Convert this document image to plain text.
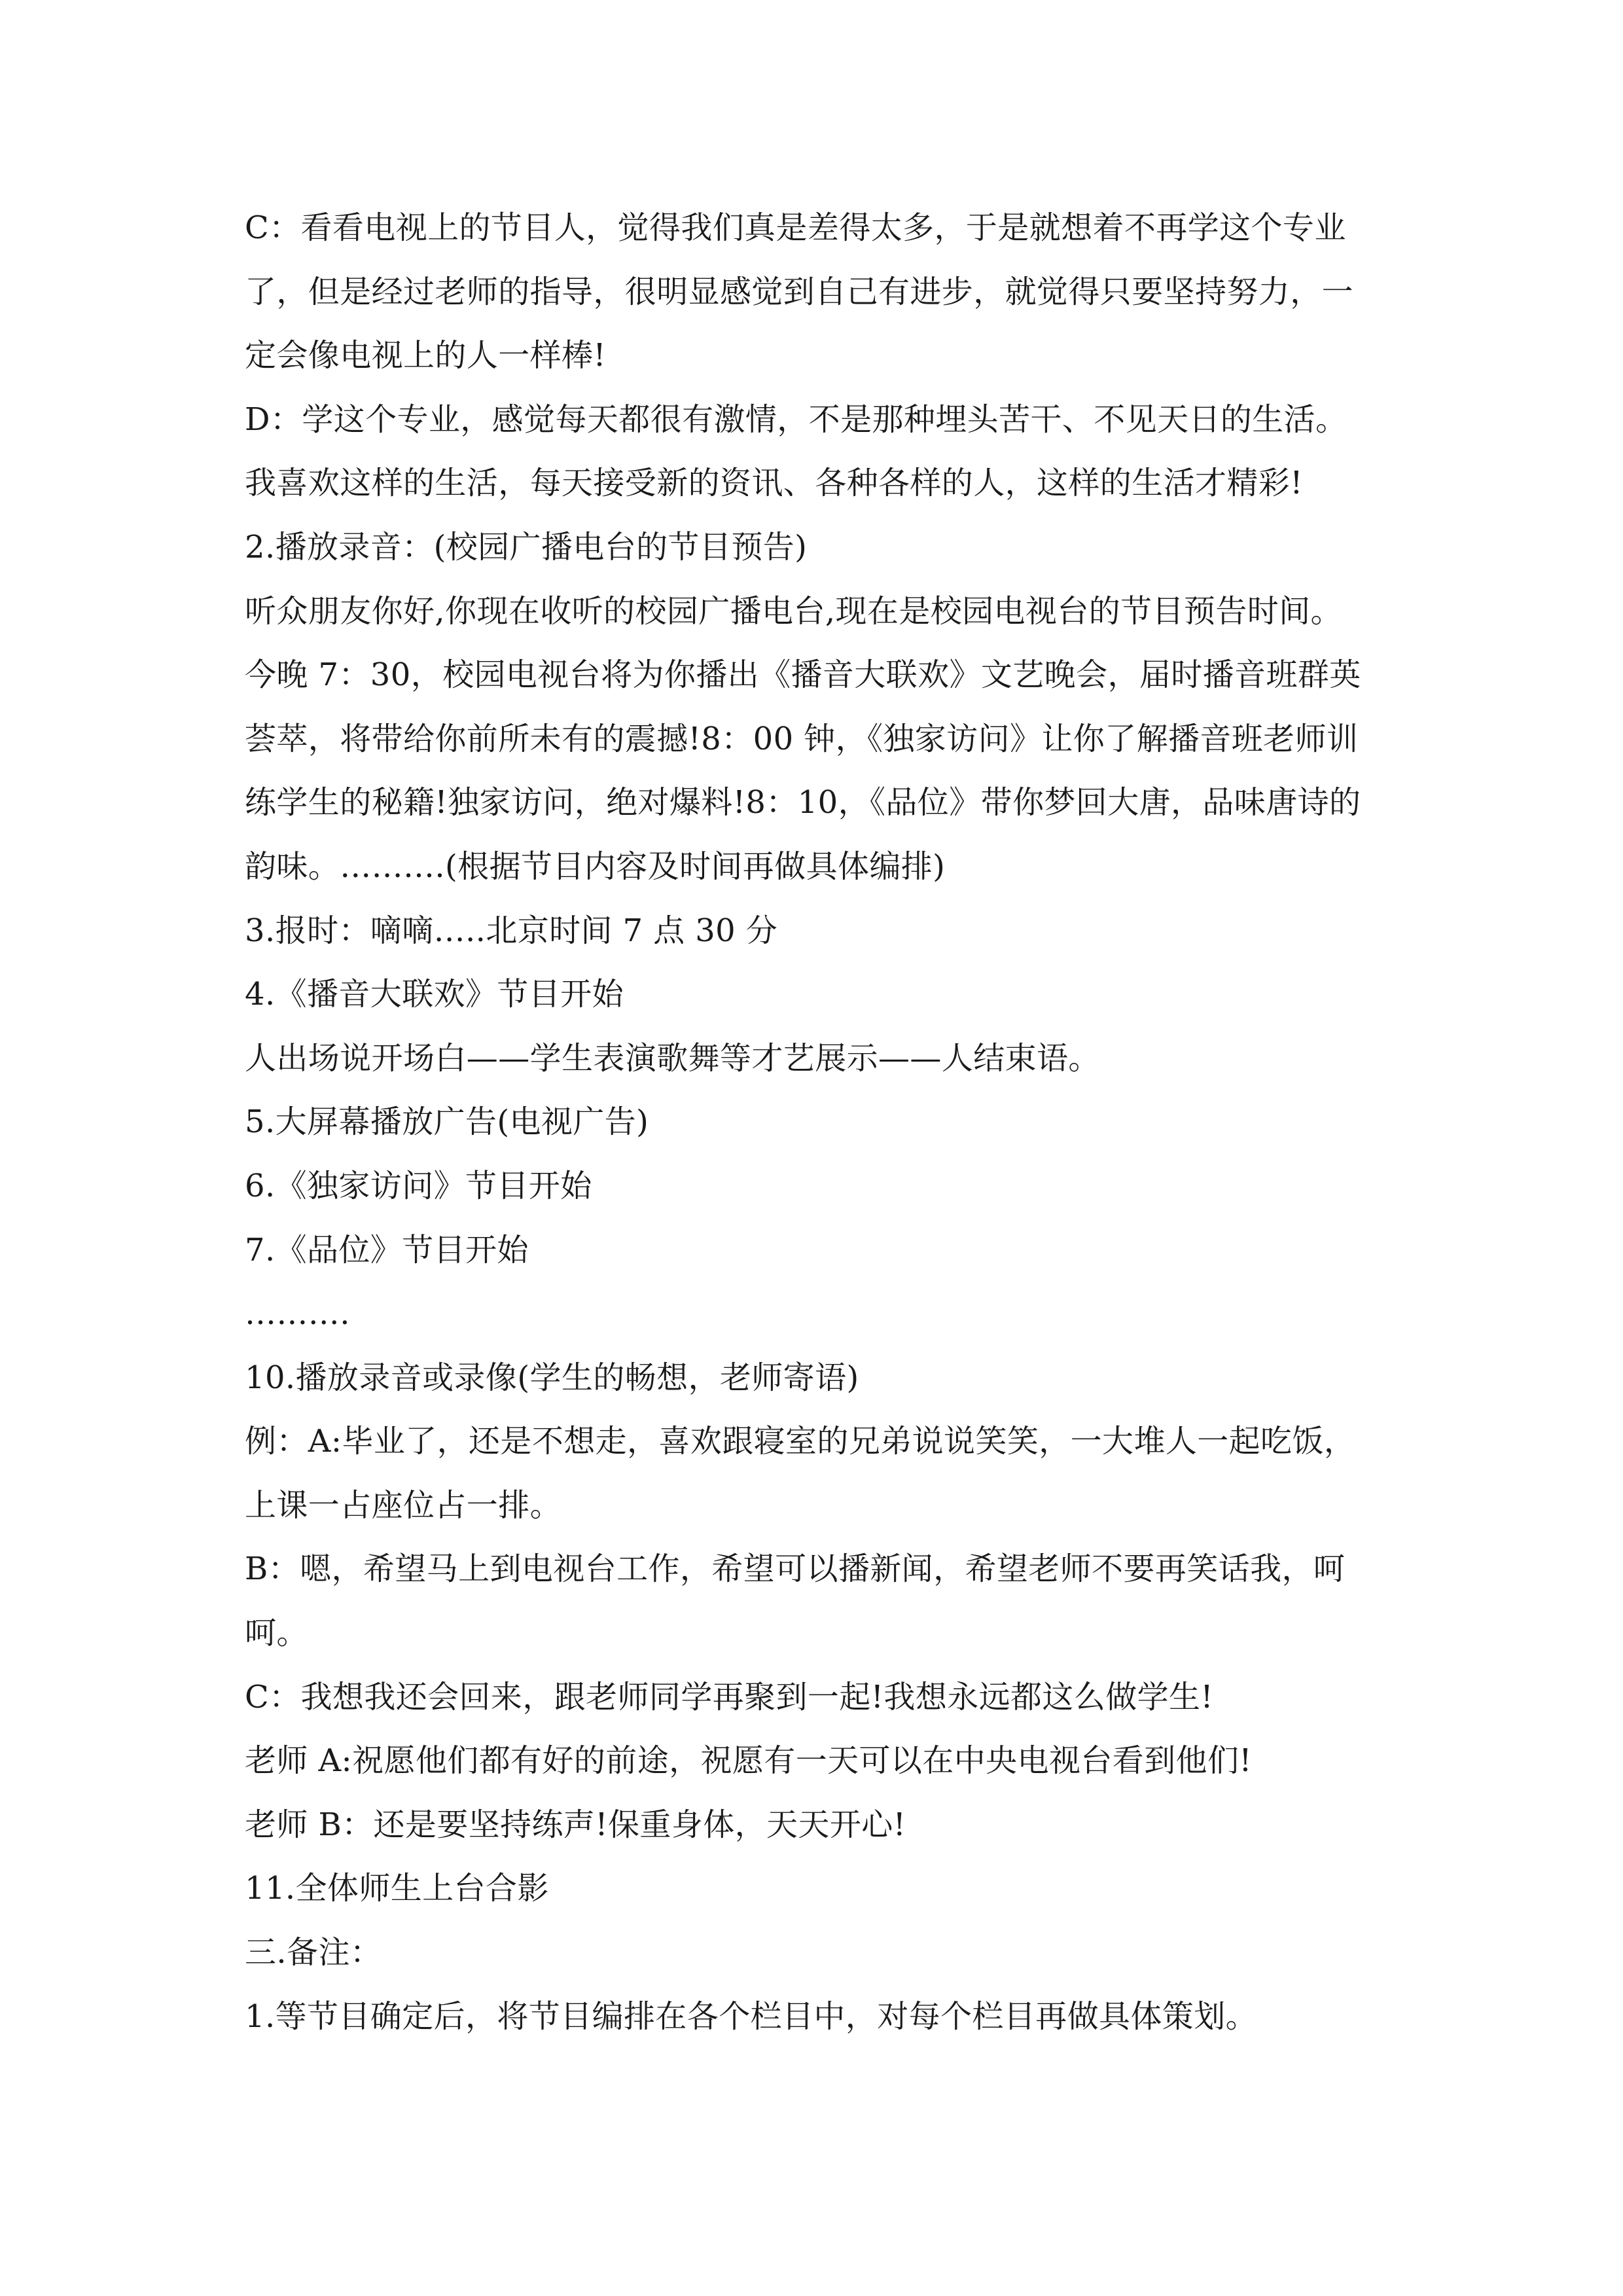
C：看看电视上的节目人，觉得我们真是差得太多，于是就想着不再学这个专业
了，但是经过老师的指导，很明显感觉到自己有进步，就觉得只要坚持努力，一
定会像电视上的人一样棒!
D：学这个专业，感觉每天都很有激情，不是那种埋头苦干、不见天日的生活。
我喜欢这样的生活，每天接受新的资讯、各种各样的人，这样的生活才精彩!
2.播放录音：(校园广播电台的节目预告)
听众朋友你好,你现在收听的校园广播电台,现在是校园电视台的节目预告时间。
今晚 7：30，校园电视台将为你播出《播音大联欢》文艺晚会，届时播音班群英
荟萃，将带给你前所未有的震撼!8：00 钟，《独家访问》让你了解播音班老师训
练学生的秘籍!独家访问，绝对爆料!8：10，《品位》带你梦回大唐，品味唐诗的
韵味。……….(根据节目内容及时间再做具体编排)
3.报时：嘀嘀…..北京时间 7 点 30 分
4.《播音大联欢》节目开始
人出场说开场白——学生表演歌舞等才艺展示——人结束语。
5.大屏幕播放广告(电视广告)
6.《独家访问》节目开始
7.《品位》节目开始
……….
10.播放录音或录像(学生的畅想，老师寄语)
例：A:毕业了，还是不想走，喜欢跟寝室的兄弟说说笑笑，一大堆人一起吃饭，
上课一占座位占一排。
B：嗯，希望马上到电视台工作，希望可以播新闻，希望老师不要再笑话我，呵
呵。
C：我想我还会回来，跟老师同学再聚到一起!我想永远都这么做学生!
老师 A:祝愿他们都有好的前途，祝愿有一天可以在中央电视台看到他们!
老师 B：还是要坚持练声!保重身体，天天开心!
11.全体师生上台合影
三.备注：
1.等节目确定后，将节目编排在各个栏目中，对每个栏目再做具体策划。
